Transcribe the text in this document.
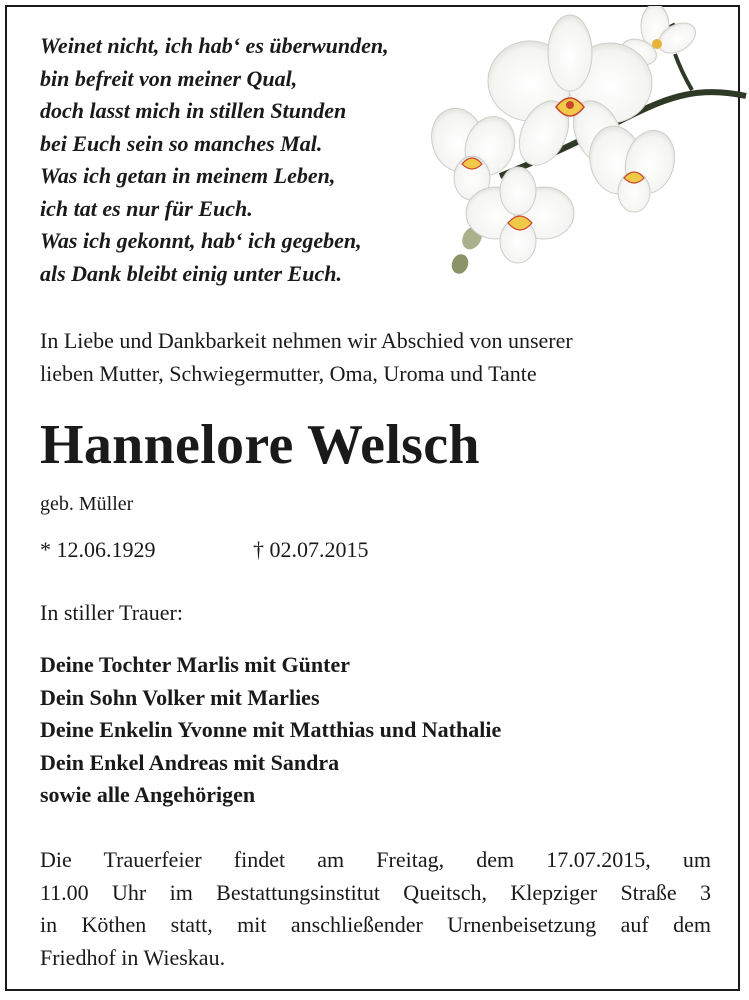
Weinet nicht, ich hab‘ es überwunden,
bin befreit von meiner Qual,
doch lasst mich in stillen Stunden
bei Euch sein so manches Mal.
Was ich getan in meinem Leben,
ich tat es nur für Euch.
Was ich gekonnt, hab‘ ich gegeben,
als Dank bleibt einig unter Euch.
In Liebe und Dankbarkeit nehmen wir Abschied von unserer
lieben Mutter, Schwiegermutter, Oma, Uroma und Tante
Hannelore Welsch
geb. Müller
* 12.06.1929	† 02.07.2015
In stiller Trauer:
Deine Tochter Marlis mit Günter
Dein Sohn Volker mit Marlies
Deine Enkelin Yvonne mit Matthias und Nathalie
Dein Enkel Andreas mit Sandra
sowie alle Angehörigen
Die Trauerfeier findet am Freitag, dem 17.07.2015, um
11.00 Uhr im Bestattungsinstitut Queitsch, Klepziger Straße 3
in Köthen statt, mit anschließender Urnenbeisetzung auf dem
Friedhof in Wieskau.
